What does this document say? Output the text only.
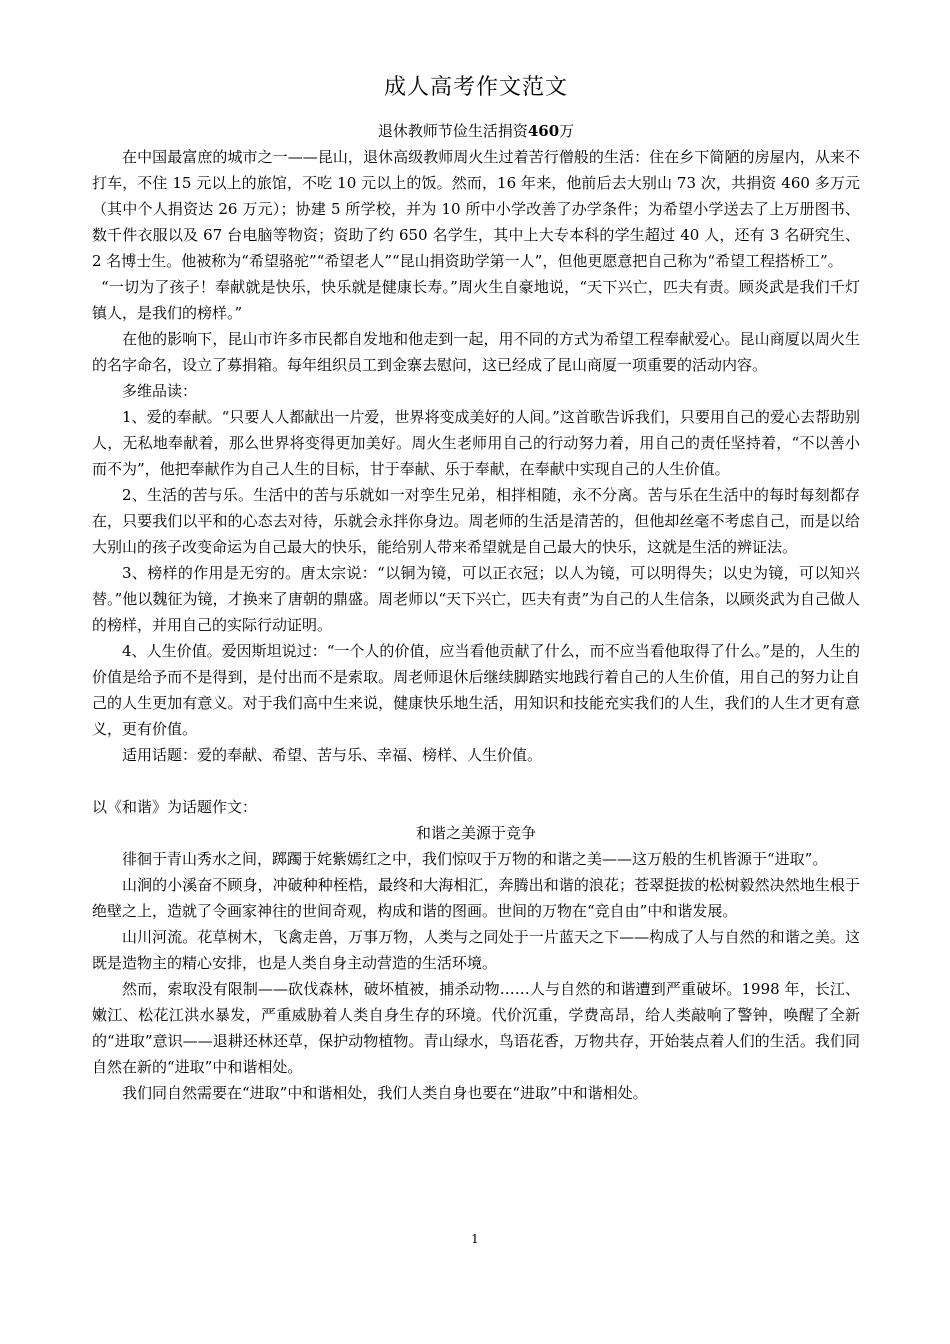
成人高考作文范文
退休教师节俭生活捐资460万

在中国最富庶的城市之一——昆山，退休高级教师周火生过着苦行僧般的生活：住在乡下简陋的房屋内，从来不打车，不住 15 元以上的旅馆，不吃 10 元以上的饭。然而，16 年来，他前后去大别山 73 次，共捐资 460 多万元（其中个人捐资达 26 万元）；协建 5 所学校，并为 10 所中小学改善了办学条件；为希望小学送去了上万册图书、数千件衣服以及 67 台电脑等物资；资助了约 650 名学生，其中上大专本科的学生超过 40 人，还有 3 名研究生、2 名博士生。他被称为“希望骆驼”“希望老人”“昆山捐资助学第一人”，但他更愿意把自己称为“希望工程搭桥工”。

“一切为了孩子！奉献就是快乐，快乐就是健康长寿。”周火生自豪地说，“天下兴亡，匹夫有责。顾炎武是我们千灯镇人，是我们的榜样。”

在他的影响下，昆山市许多市民都自发地和他走到一起，用不同的方式为希望工程奉献爱心。昆山商厦以周火生的名字命名，设立了募捐箱。每年组织员工到金寨去慰问，这已经成了昆山商厦一项重要的活动内容。

多维品读：

1、爱的奉献。“只要人人都献出一片爱，世界将变成美好的人间。”这首歌告诉我们，只要用自己的爱心去帮助别人，无私地奉献着，那么世界将变得更加美好。周火生老师用自己的行动努力着，用自己的责任坚持着，“不以善小而不为”，他把奉献作为自己人生的目标，甘于奉献、乐于奉献，在奉献中实现自己的人生价值。

2、生活的苦与乐。生活中的苦与乐就如一对孪生兄弟，相拌相随，永不分离。苦与乐在生活中的每时每刻都存在，只要我们以平和的心态去对待，乐就会永拌你身边。周老师的生活是清苦的，但他却丝毫不考虑自己，而是以给大别山的孩子改变命运为自己最大的快乐，能给别人带来希望就是自己最大的快乐，这就是生活的辨证法。

3、榜样的作用是无穷的。唐太宗说：“以铜为镜，可以正衣冠；以人为镜，可以明得失；以史为镜，可以知兴替。”他以魏征为镜，才换来了唐朝的鼎盛。周老师以“天下兴亡，匹夫有责”为自己的人生信条，以顾炎武为自己做人的榜样，并用自己的实际行动证明。

4、人生价值。爱因斯坦说过：“一个人的价值，应当看他贡献了什么，而不应当看他取得了什么。”是的，人生的价值是给予而不是得到，是付出而不是索取。周老师退休后继续脚踏实地践行着自己的人生价值，用自己的努力让自己的人生更加有意义。对于我们高中生来说，健康快乐地生活，用知识和技能充实我们的人生，我们的人生才更有意义，更有价值。

适用话题：爱的奉献、希望、苦与乐、幸福、榜样、人生价值。

以《和谐》为话题作文：

和谐之美源于竞争

徘徊于青山秀水之间，踯躅于姹紫嫣红之中，我们惊叹于万物的和谐之美——这万般的生机皆源于“进取”。

山涧的小溪奋不顾身，冲破种种桎梏，最终和大海相汇，奔腾出和谐的浪花；苍翠挺拔的松树毅然决然地生根于绝壁之上，造就了令画家神往的世间奇观，构成和谐的图画。世间的万物在“竞自由”中和谐发展。

山川河流。花草树木，飞禽走兽，万事万物，人类与之同处于一片蓝天之下——构成了人与自然的和谐之美。这既是造物主的精心安排，也是人类自身主动营造的生活环境。

然而，索取没有限制——砍伐森林，破坏植被，捕杀动物……人与自然的和谐遭到严重破坏。1998 年，长江、嫩江、松花江洪水暴发，严重威胁着人类自身生存的环境。代价沉重，学费高昂，给人类敲响了警钟，唤醒了全新的“进取”意识——退耕还林还草，保护动物植物。青山绿水，鸟语花香，万物共存，开始装点着人们的生活。我们同自然在新的“进取”中和谐相处。

我们同自然需要在“进取”中和谐相处，我们人类自身也要在“进取”中和谐相处。

1
